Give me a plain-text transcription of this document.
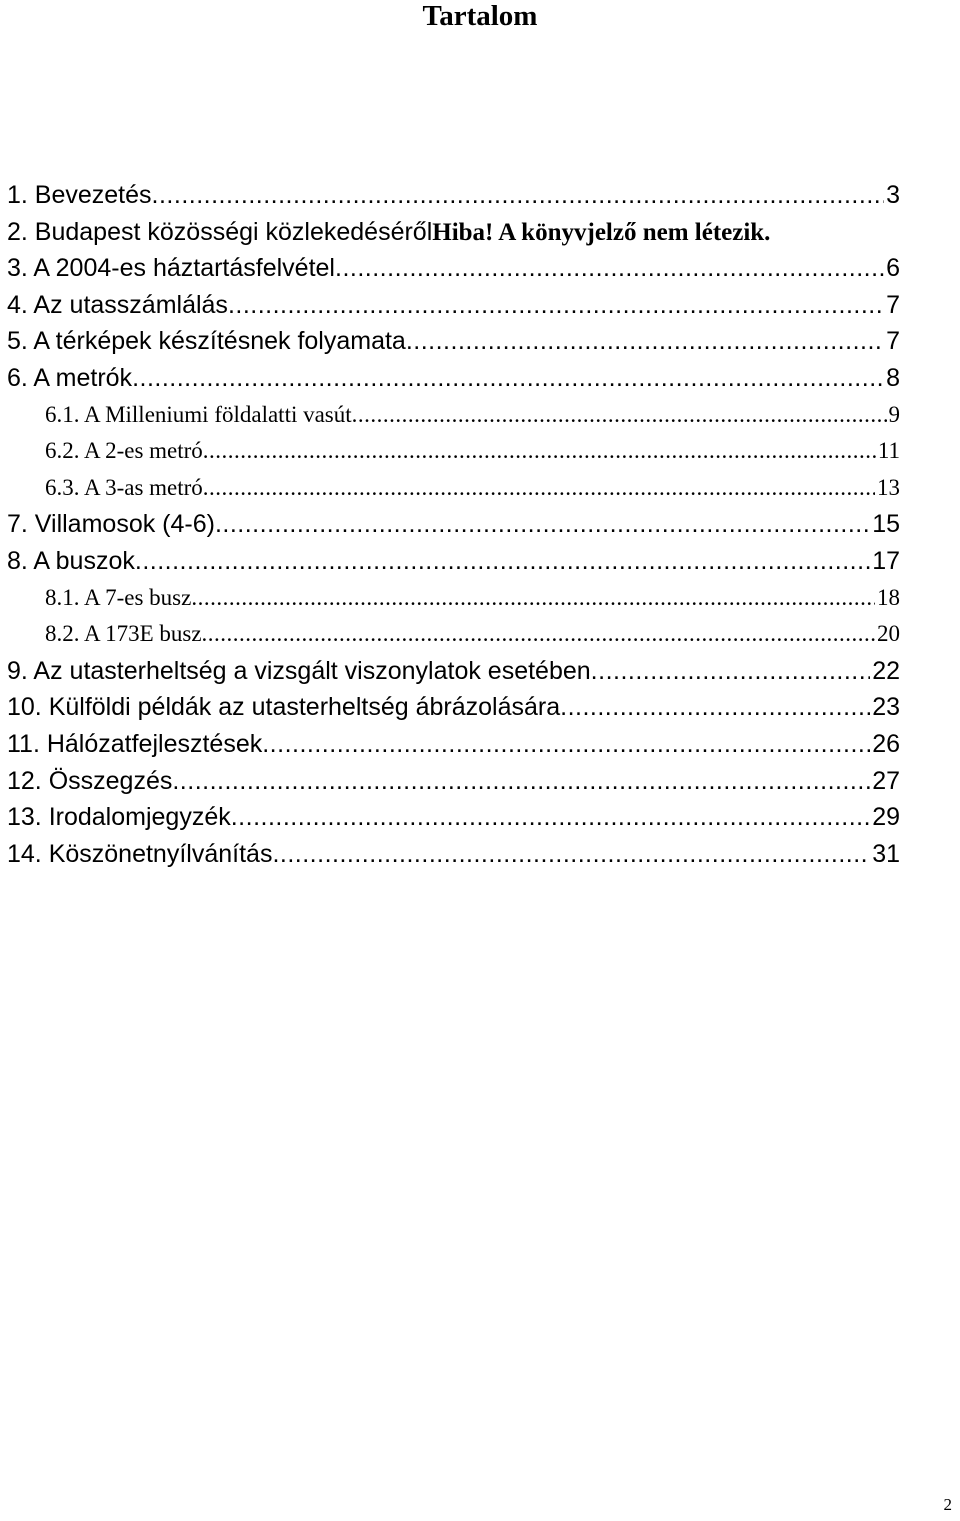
Tartalom
1. Bevezetés .....	3
2. Budapest közösségi közlekedéséről Hiba! A könyvjelző nem létezik.
3. A 2004-es háztartásfelvétel .....	6
4. Az utasszámlálás .....	7
5. A térképek készítésnek folyamata .....	7
6. A metrók .....	8
6.1. A Milleniumi földalatti vasút .....	9
6.2. A 2-es metró .....	11
6.3. A 3-as metró .....	13
7. Villamosok (4-6) .....	15
8. A buszok .....	17
8.1. A 7-es busz .....	18
8.2. A 173E busz .....	20
9. Az utasterheltség a vizsgált viszonylatok esetében .....	22
10. Külföldi példák az utasterheltség ábrázolására .....	23
11. Hálózatfejlesztések .....	26
12. Összegzés .....	27
13. Irodalomjegyzék .....	29
14. Köszönetnyílvánítás .....	31
2
